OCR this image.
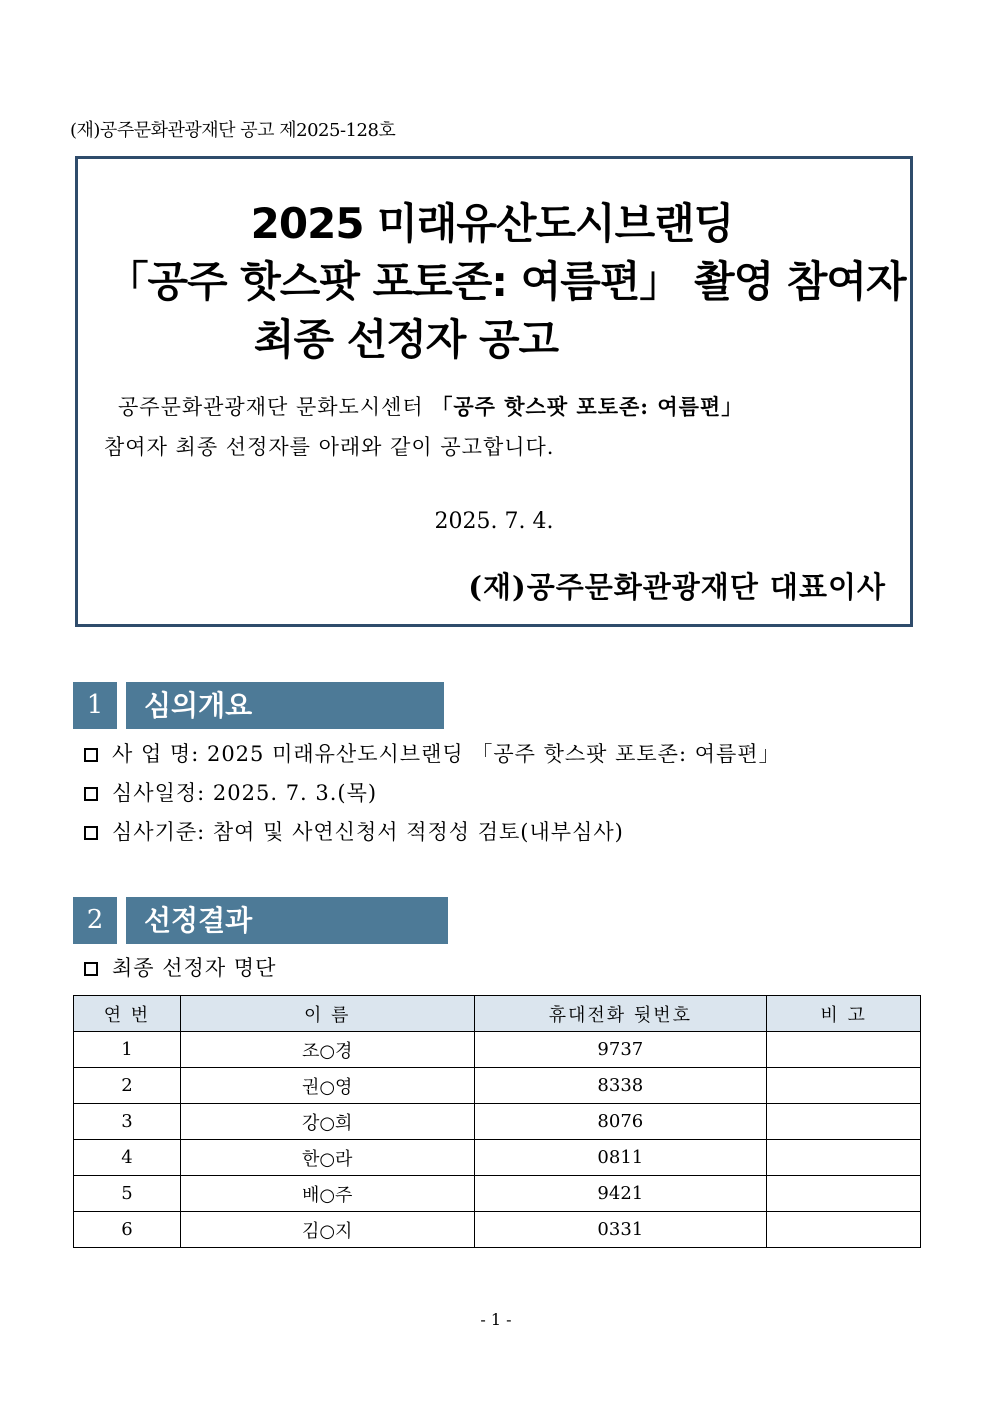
(재)공주문화관광재단 공고 제2025-128호
2025 미래유산도시브랜딩
「공주 핫스팟 포토존: 여름편」 촬영 참여자
최종 선정자 공고
공주문화관광재단 문화도시센터 「공주 핫스팟 포토존: 여름편」
참여자 최종 선정자를 아래와 같이 공고합니다.
2025. 7. 4.
(재)공주문화관광재단 대표이사
1	심의개요
사 업 명: 2025 미래유산도시브랜딩 「공주 핫스팟 포토존: 여름편」
심사일정: 2025. 7. 3.(목)
심사기준: 참여 및 사연신청서 적정성 검토(내부심사)
2	선정결과
최종 선정자 명단
연 번	이 름	휴대전화 뒷번호	비 고
1	조○경	9737	
2	권○영	8338	
3	강○희	8076	
4	한○라	0811	
5	배○주	9421	
6	김○지	0331	
- 1 -
